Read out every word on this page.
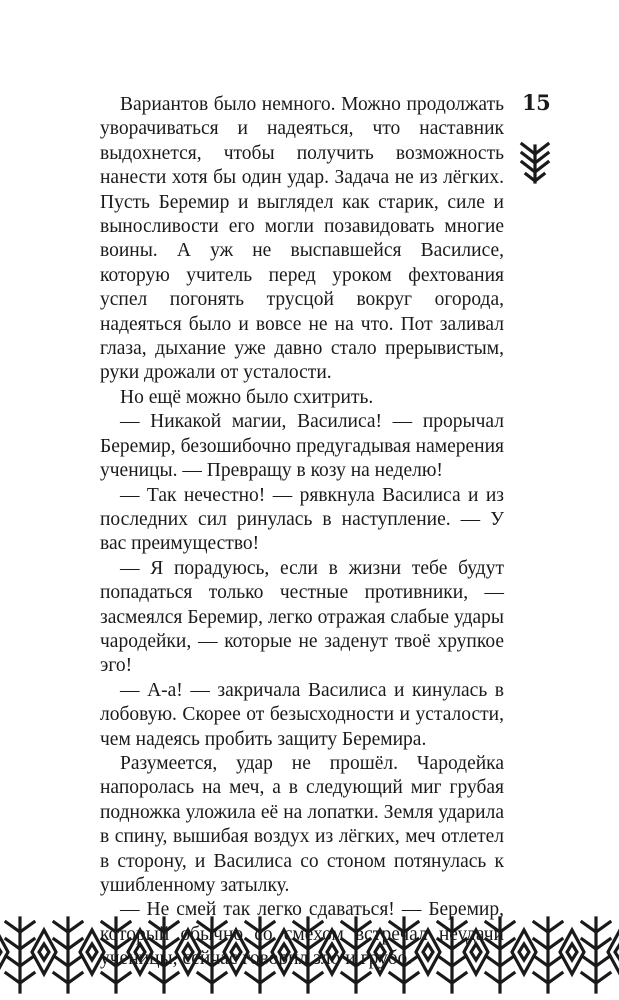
15

Вариантов было немного. Можно продолжать уворачиваться и надеяться, что наставник выдохнется, чтобы получить возможность нанести хотя бы один удар. Задача не из лёгких. Пусть Беремир и выглядел как старик, силе и выносливости его могли позавидовать многие воины. А уж не выспавшейся Василисе, которую учитель перед уроком фехтования успел погонять трусцой вокруг огорода, надеяться было и вовсе не на что. Пот заливал глаза, дыхание уже давно стало прерывистым, руки дрожали от усталости.

Но ещё можно было схитрить.

— Никакой магии, Василиса! — прорычал Беремир, безошибочно предугадывая намерения ученицы. — Превращу в козу на неделю!

— Так нечестно! — рявкнула Василиса и из последних сил ринулась в наступление. — У вас преимущество!

— Я порадуюсь, если в жизни тебе будут попадаться только честные противники, — засмеялся Беремир, легко отражая слабые удары чародейки, — которые не заденут твоё хрупкое эго!

— А-а! — закричала Василиса и кинулась в лобовую. Скорее от безысходности и усталости, чем надеясь пробить защиту Беремира.

Разумеется, удар не прошёл. Чародейка напоролась на меч, а в следующий миг грубая подножка уложила её на лопатки. Земля ударила в спину, вышибая воздух из лёгких, меч отлетел в сторону, и Василиса со стоном потянулась к ушибленному затылку.

— Не смей так легко сдаваться! — Беремир, который обычно со смехом встречал неудачи ученицы, сейчас говорил зло и грубо.
